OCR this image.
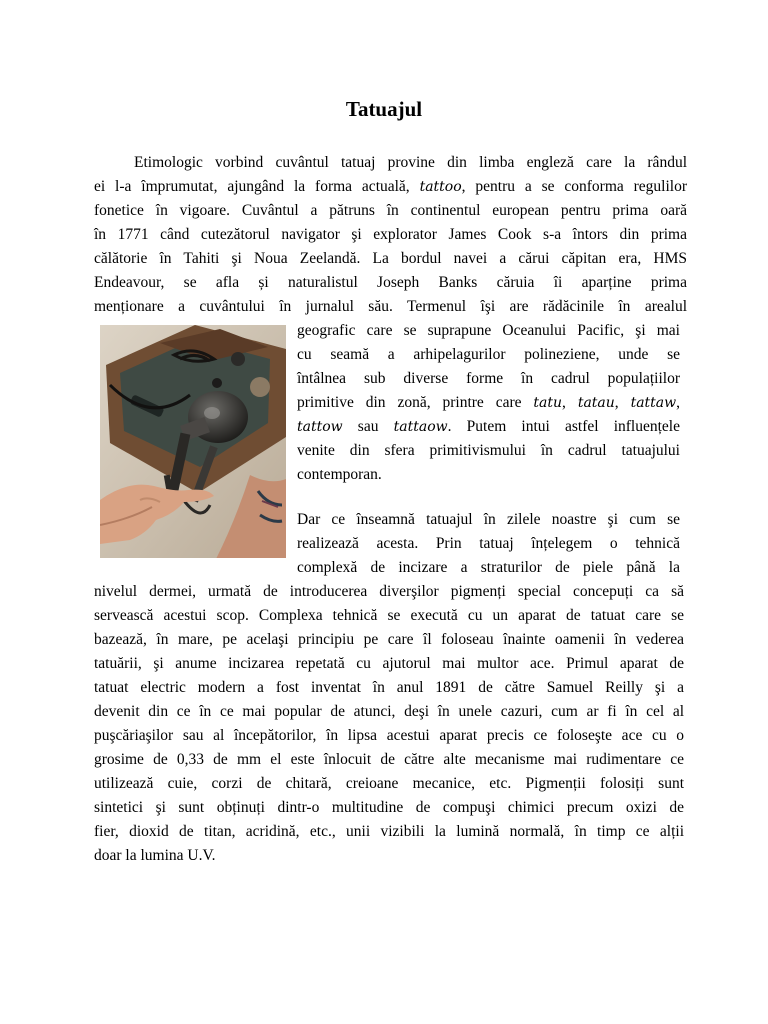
Tatuajul
Etimologic vorbind cuvântul tatuaj provine din limba engleză care la rândul
ei l-a împrumutat, ajungând la forma actuală, tattoo, pentru a se conforma regulilor
fonetice în vigoare. Cuvântul a pătruns în continentul european pentru prima oară
în 1771 când cutezătorul navigator şi explorator James Cook s-a întors din prima
călătorie în Tahiti şi Noua Zeelandă. La bordul navei a cărui căpitan era, HMS
Endeavour, se afla și naturalistul Joseph Banks căruia îi aparține prima
menționare a cuvântului în jurnalul său. Termenul îşi are rădăcinile în arealul
geografic care se suprapune Oceanului Pacific, şi mai
cu seamă a arhipelagurilor polineziene, unde se
întâlnea sub diverse forme în cadrul populațiilor
primitive din zonă, printre care tatu, tatau, tattaw,
tattow sau tattaow. Putem intui astfel influențele
venite din sfera primitivismului în cadrul tatuajului
contemporan.
Dar ce înseamnă tatuajul în zilele noastre şi cum se
realizează acesta. Prin tatuaj înțelegem o tehnică
complexă de incizare a straturilor de piele până la
nivelul dermei, urmată de introducerea diverşilor pigmenți special concepuți ca să
servească acestui scop. Complexa tehnică se execută cu un aparat de tatuat care se
bazează, în mare, pe acelaşi principiu pe care îl foloseau înainte oamenii în vederea
tatuării, şi anume incizarea repetată cu ajutorul mai multor ace. Primul aparat de
tatuat electric modern a fost inventat în anul 1891 de către Samuel Reilly şi a
devenit din ce în ce mai popular de atunci, deşi în unele cazuri, cum ar fi în cel al
puşcăriaşilor sau al începătorilor, în lipsa acestui aparat precis ce foloseşte ace cu o
grosime de 0,33 de mm el este înlocuit de către alte mecanisme mai rudimentare ce
utilizează cuie, corzi de chitară, creioane mecanice, etc. Pigmenții folosiți sunt
sintetici şi sunt obținuți dintr-o multitudine de compuşi chimici precum oxizi de
fier, dioxid de titan, acridină, etc., unii vizibili la lumină normală, în timp ce alții
doar la lumina U.V.
